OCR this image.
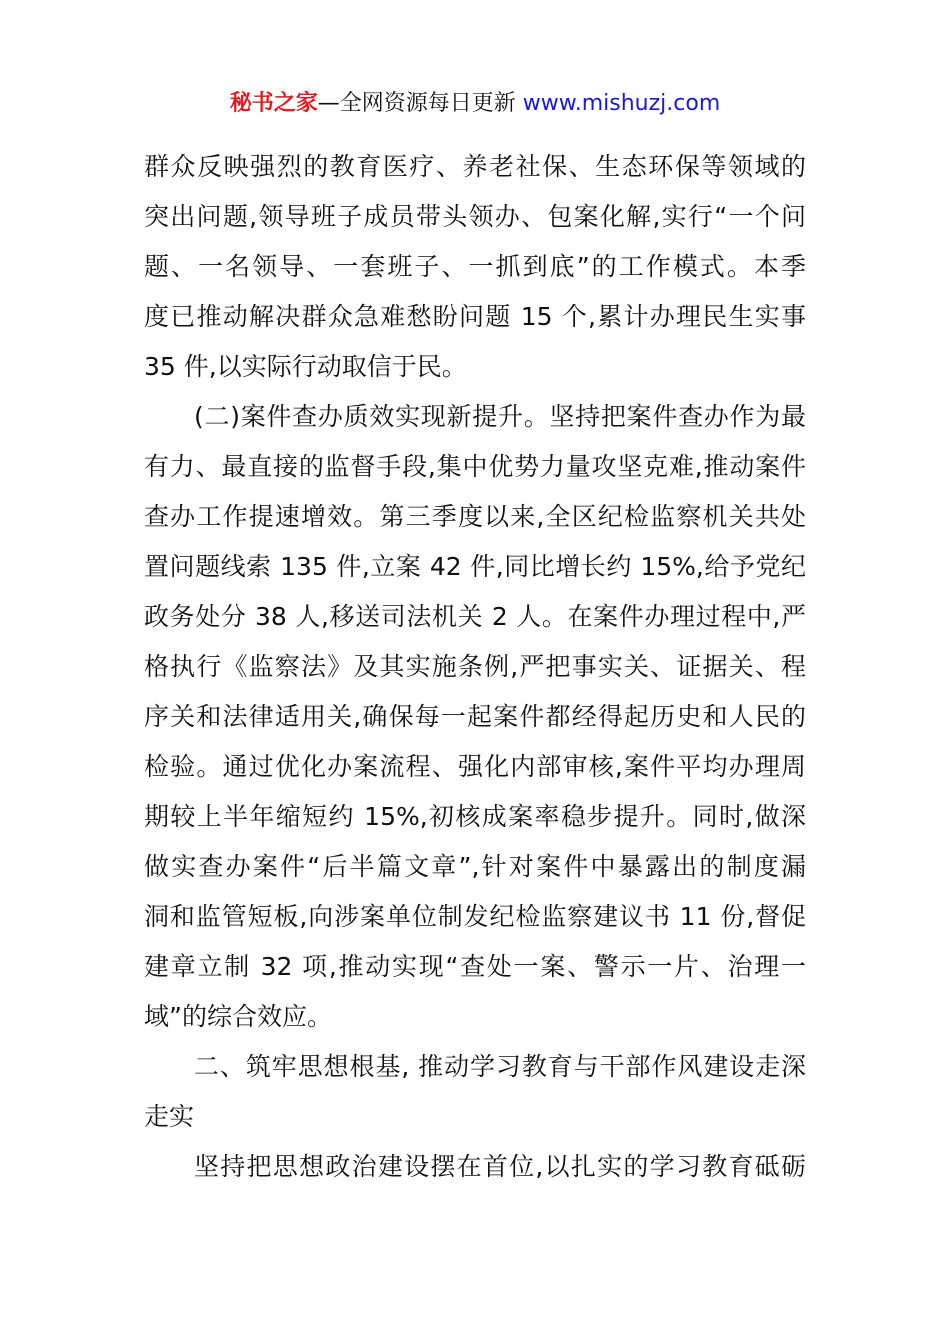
秘书之家—全网资源每日更新 www.mishuzj.com
群众反映强烈的教育医疗、养老社保、生态环保等领域的
突出问题,领导班子成员带头领办、包案化解,实行“一个问
题、一名领导、一套班子、一抓到底”的工作模式。本季
度已推动解决群众急难愁盼问题 15 个,累计办理民生实事
35 件,以实际行动取信于民。
(二)案件查办质效实现新提升。坚持把案件查办作为最
有力、最直接的监督手段,集中优势力量攻坚克难,推动案件
查办工作提速增效。第三季度以来,全区纪检监察机关共处
置问题线索 135 件,立案 42 件,同比增长约 15%,给予党纪
政务处分 38 人,移送司法机关 2 人。在案件办理过程中,严
格执行《监察法》及其实施条例,严把事实关、证据关、程
序关和法律适用关,确保每一起案件都经得起历史和人民的
检验。通过优化办案流程、强化内部审核,案件平均办理周
期较上半年缩短约 15%,初核成案率稳步提升。同时,做深
做实查办案件“后半篇文章”,针对案件中暴露出的制度漏
洞和监管短板,向涉案单位制发纪检监察建议书 11 份,督促
建章立制 32 项,推动实现“查处一案、警示一片、治理一
域”的综合效应。
二、筑牢思想根基, 推动学习教育与干部作风建设走深
走实
坚持把思想政治建设摆在首位,以扎实的学习教育砥砺
